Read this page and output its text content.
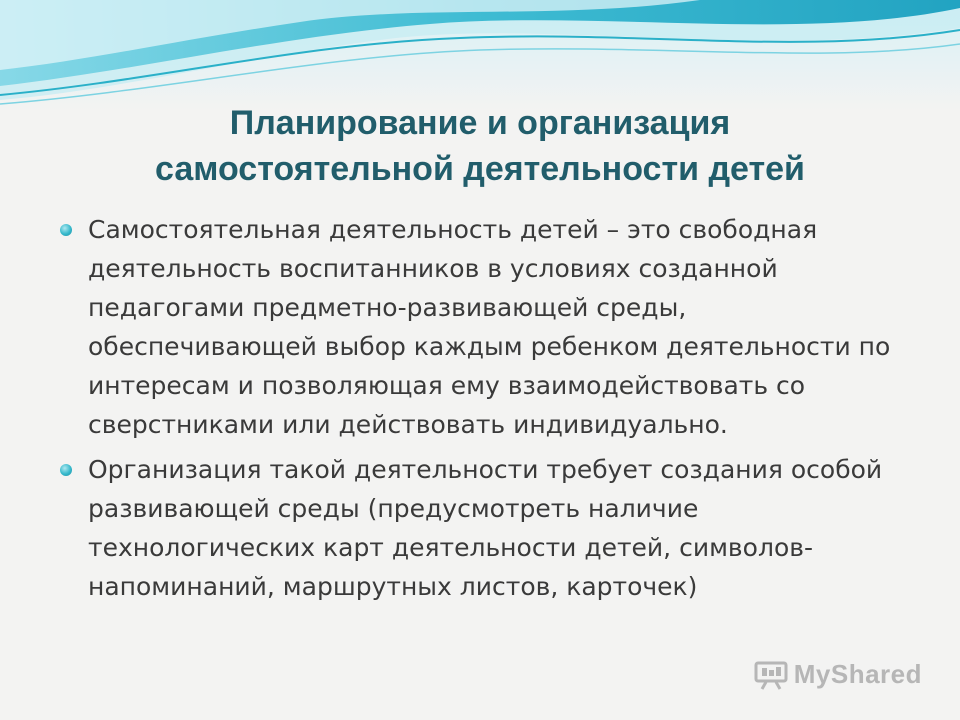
Планирование и организация
самостоятельной деятельности детей
Самостоятельная деятельность детей – это свободная деятельность воспитанников в условиях созданной педагогами предметно-развивающей среды, обеспечивающей выбор каждым ребенком деятельности по интересам и позволяющая ему взаимодействовать со сверстниками или действовать индивидуально.
Организация такой деятельности требует создания особой развивающей среды (предусмотреть наличие технологических карт деятельности детей, символов-напоминаний, маршрутных листов, карточек)
MyShared
